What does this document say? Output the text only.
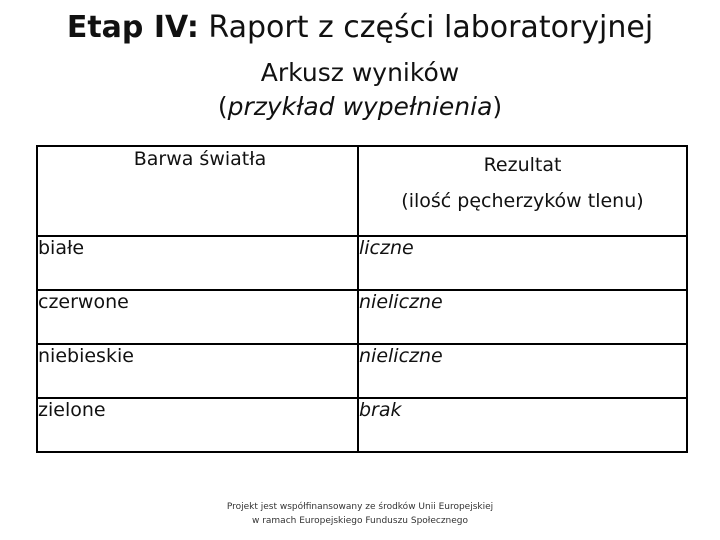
Etap IV: Raport z części laboratoryjnej
Arkusz wyników
(przykład wypełnienia)
Barwa światła	Rezultat
(ilość pęcherzyków tlenu)

białe	liczne
czerwone	nieliczne
niebieskie	nieliczne
zielone	brak
Projekt jest współfinansowany ze środków Unii Europejskiej
w ramach Europejskiego Funduszu Społecznego
